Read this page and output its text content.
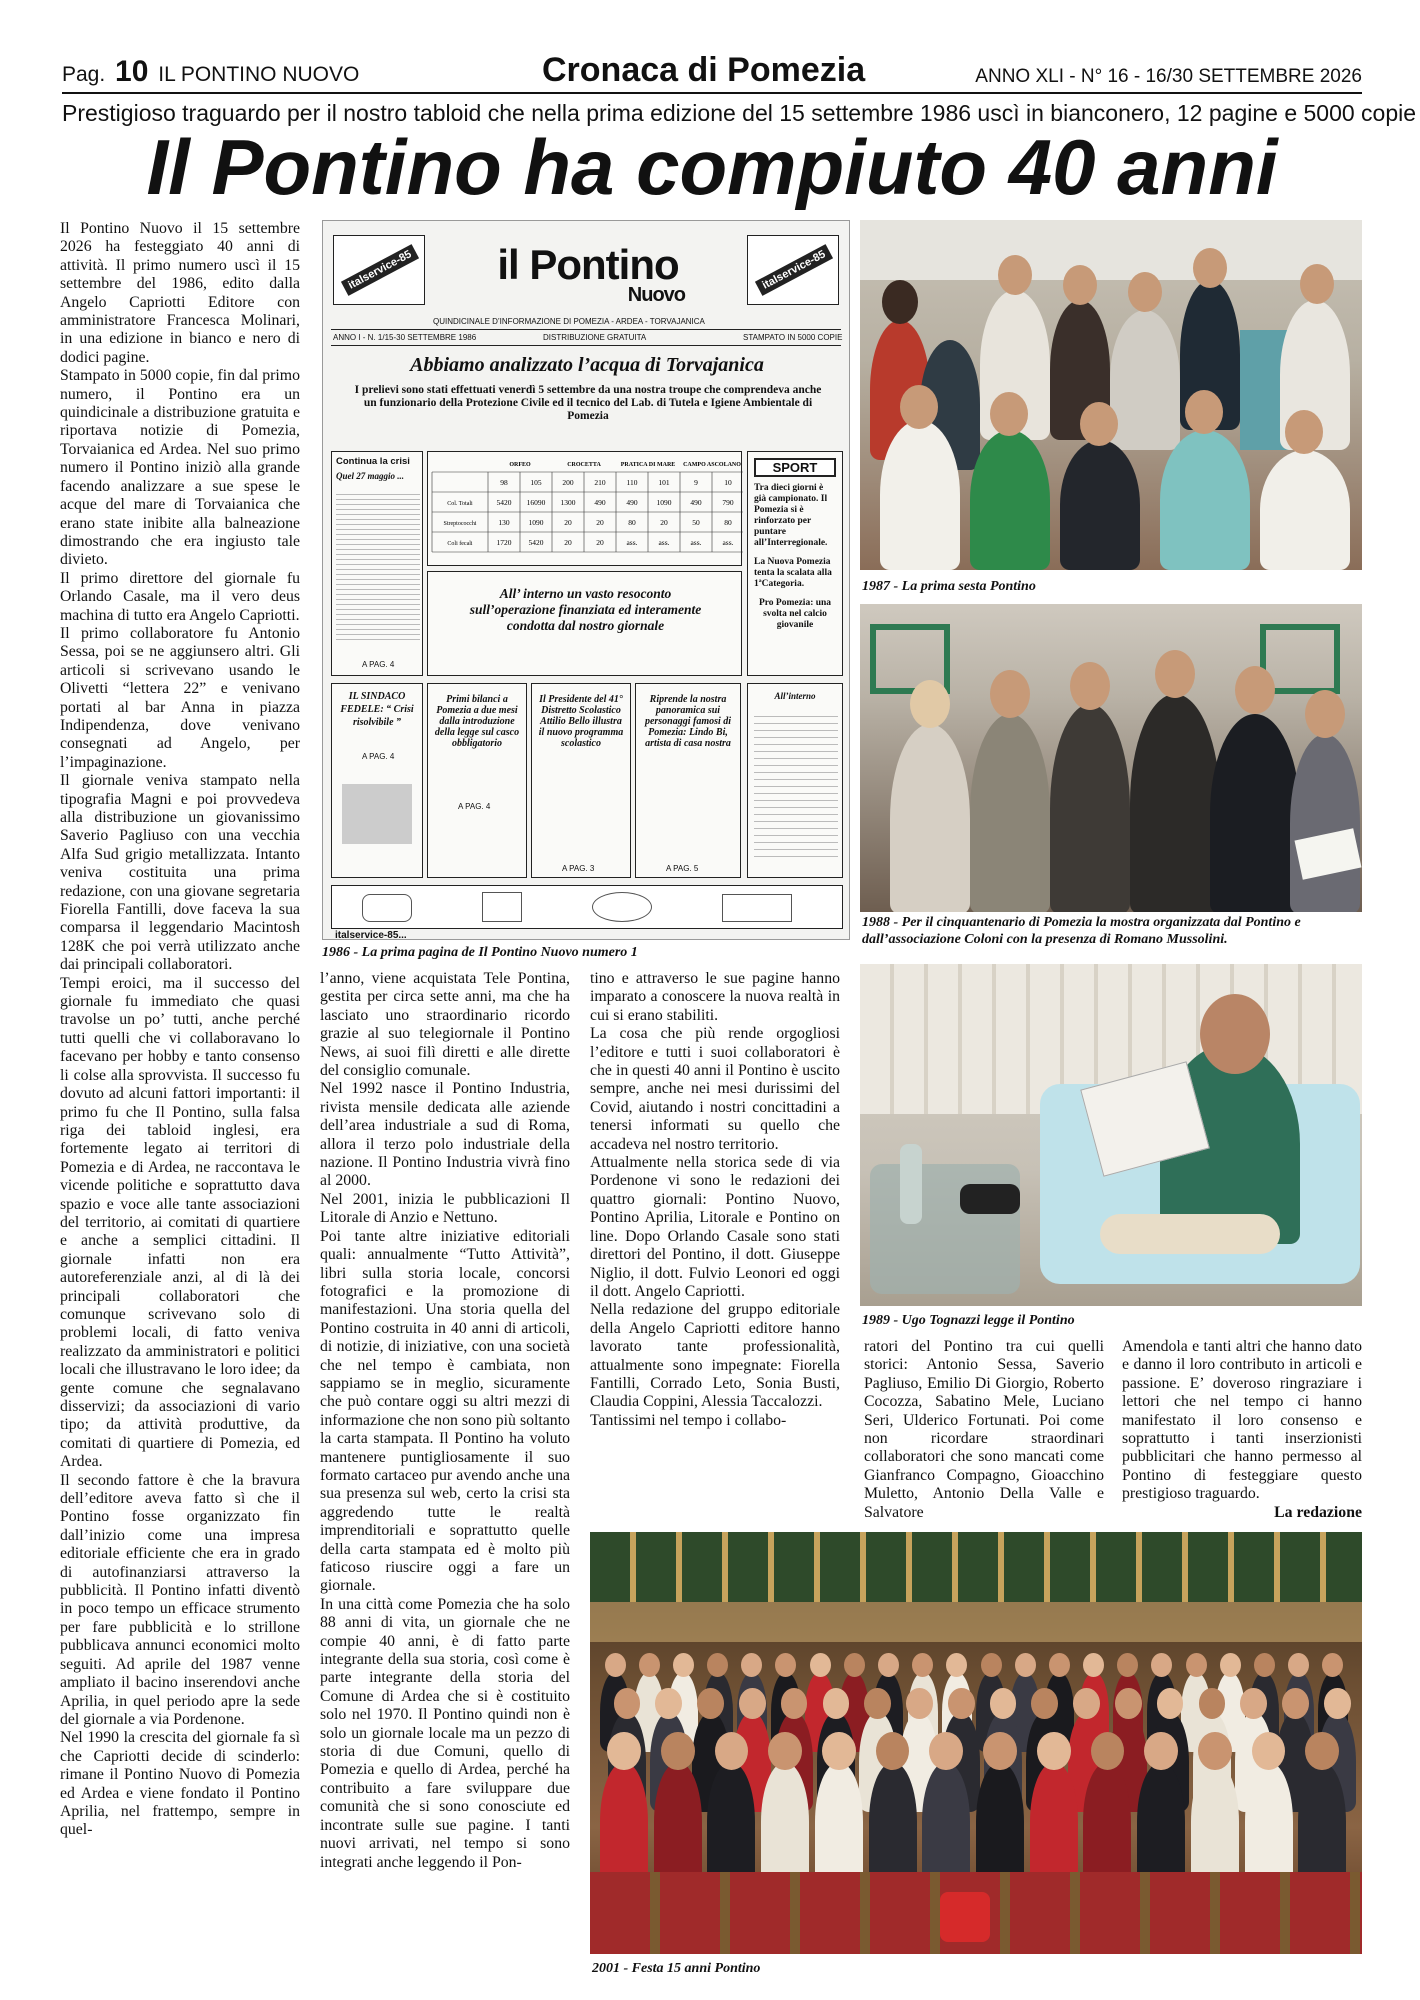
Pag. 10 IL PONTINO NUOVO	Cronaca di Pomezia	ANNO XLI - N° 16 - 16/30 SETTEMBRE 2026
Prestigioso traguardo per il nostro tabloid che nella prima edizione del 15 settembre 1986 uscì in bianconero, 12 pagine e 5000 copie
Il Pontino ha compiuto 40 anni

Il Pontino Nuovo il 15 settembre 2026 ha festeggiato 40 anni di attività. Il primo numero uscì il 15 settembre del 1986, edito dalla Angelo Capriotti Editore con amministratore Francesca Molinari, in una edizione in bianco e nero di dodici pagine.

Stampato in 5000 copie, fin dal primo numero, il Pontino era un quindicinale a distribuzione gratuita e riportava notizie di Pomezia, Torvaianica ed Ardea. Nel suo primo numero il Pontino iniziò alla grande facendo analizzare a sue spese le acque del mare di Torvaianica che erano state inibite alla balneazione dimostrando che era ingiusto tale divieto.

Il primo direttore del giornale fu Orlando Casale, ma il vero deus machina di tutto era Angelo Capriotti.

Il primo collaboratore fu Antonio Sessa, poi se ne aggiunsero altri. Gli articoli si scrivevano usando le Olivetti “lettera 22” e venivano portati al bar Anna in piazza Indipendenza, dove venivano consegnati ad Angelo, per l’impaginazione.

Il giornale veniva stampato nella tipografia Magni e poi provvedeva alla distribuzione un giovanissimo Saverio Pagliuso con una vecchia Alfa Sud grigio metallizzata. Intanto veniva costituita una prima redazione, con una giovane segretaria Fiorella Fantilli, dove faceva la sua comparsa il leggendario Macintosh 128K che poi verrà utilizzato anche dai principali collaboratori.

Tempi eroici, ma il successo del giornale fu immediato che quasi travolse un po’ tutti, anche perché tutti quelli che vi collaboravano lo facevano per hobby e tanto consenso li colse alla sprovvista. Il successo fu dovuto ad alcuni fattori importanti: il primo fu che Il Pontino, sulla falsa riga dei tabloid inglesi, era fortemente legato ai territori di Pomezia e di Ardea, ne raccontava le vicende politiche e soprattutto dava spazio e voce alle tante associazioni del territorio, ai comitati di quartiere e anche a semplici cittadini. Il giornale infatti non era autoreferenziale anzi, al di là dei principali collaboratori che comunque scrivevano solo di problemi locali, di fatto veniva realizzato da amministratori e politici locali che illustravano le loro idee; da gente comune che segnalavano disservizi; da associazioni di vario tipo; da attività produttive, da comitati di quartiere di Pomezia, ed Ardea.

Il secondo fattore è che la bravura dell’editore aveva fatto sì che il Pontino fosse organizzato fin dall’inizio come una impresa editoriale efficiente che era in grado di autofinanziarsi attraverso la pubblicità. Il Pontino infatti diventò in poco tempo un efficace strumento per fare pubblicità e lo strillone pubblicava annunci economici molto seguiti. Ad aprile del 1987 venne ampliato il bacino inserendovi anche Aprilia, in quel periodo apre la sede del giornale a via Pordenone.

Nel 1990 la crescita del giornale fa sì che Capriotti decide di scinderlo: rimane il Pontino Nuovo di Pomezia ed Ardea e viene fondato il Pontino Aprilia, nel frattempo, sempre in quel-

italservice-85	italservice-85
il Pontino
Nuovo
QUINDICINALE D’INFORMAZIONE DI POMEZIA - ARDEA - TORVAJANICA
ANNO I - N. 1/15-30 SETTEMBRE 1986	DISTRIBUZIONE GRATUITA	STAMPATO IN 5000 COPIE
Abbiamo analizzato l’acqua di Torvajanica
I prelievi sono stati effettuati venerdì 5 settembre da una nostra troupe che comprendeva anche un funzionario della Protezione Civile ed il tecnico del Lab. di Tutela e Igiene Ambientale di Pomezia
Continua la crisi
Quel 27 maggio ...
A PAG. 4
ORFEO	CROCETTA	PRATICA DI MARE CAMPO ASCOLANO
98	105	200	210	110	101	9	10
Col. Totali	5420 16090 1300	490	490	1090	490	790
Streptococchi	130	1090	20	20	80	20	50	80
Coli fecali	1720 5420	20	20	ass.	ass.	ass.	ass.
All’ interno un vasto resoconto sull’operazione finanziata ed interamente condotta dal nostro giornale
SPORT
Tra dieci giorni è già campionato. Il Pomezia si è rinforzato per puntare all’Interregionale.
La Nuova Pomezia tenta la scalata alla 1ªCategoria.
Pro Pomezia: una svolta nel calcio giovanile
IL SINDACO FEDELE: “ Crisi risolvibile ”
A PAG. 4
Primi bilanci a Pomezia a due mesi dalla introduzione della legge sul casco obbligatorio
A PAG. 4
Il Presidente del 41° Distretto Scolastico Attilio Bello illustra il nuovo programma scolastico
A PAG. 3
Riprende la nostra panoramica sui personaggi famosi di Pomezia: Lindo Bi, artista di casa nostra
A PAG. 5
All’interno
italservice-85...
1986 - La prima pagina de Il Pontino Nuovo numero 1

l’anno, viene acquistata Tele Pontina, gestita per circa sette anni, ma che ha lasciato uno straordinario ricordo grazie al suo telegiornale il Pontino News, ai suoi filì diretti e alle dirette del consiglio comunale.

Nel 1992 nasce il Pontino Industria, rivista mensile dedicata alle aziende dell’area industriale a sud di Roma, allora il terzo polo industriale della nazione. Il Pontino Industria vivrà fino al 2000.

Nel 2001, inizia le pubblicazioni Il Litorale di Anzio e Nettuno.

Poi tante altre iniziative editoriali quali: annualmente “Tutto Attività”, libri sulla storia locale, concorsi fotografici e la promozione di manifestazioni. Una storia quella del Pontino costruita in 40 anni di articoli, di notizie, di iniziative, con una società che nel tempo è cambiata, non sappiamo se in meglio, sicuramente che può contare oggi su altri mezzi di informazione che non sono più soltanto la carta stampata. Il Pontino ha voluto mantenere puntigliosamente il suo formato cartaceo pur avendo anche una sua presenza sul web, certo la crisi sta aggredendo tutte le realtà imprenditoriali e soprattutto quelle della carta stampata ed è molto più faticoso riuscire oggi a fare un giornale.

In una città come Pomezia che ha solo 88 anni di vita, un giornale che ne compie 40 anni, è di fatto parte integrante della sua storia, così come è parte integrante della storia del Comune di Ardea che si è costituito solo nel 1970. Il Pontino quindi non è solo un giornale locale ma un pezzo di storia di due Comuni, quello di Pomezia e quello di Ardea, perché ha contribuito a fare sviluppare due comunità che si sono conosciute ed incontrate sulle sue pagine. I tanti nuovi arrivati, nel tempo si sono integrati anche leggendo il Pon-

tino e attraverso le sue pagine hanno imparato a conoscere la nuova realtà in cui si erano stabiliti.

La cosa che più rende orgogliosi l’editore e tutti i suoi collaboratori è che in questi 40 anni il Pontino è uscito sempre, anche nei mesi durissimi del Covid, aiutando i nostri concittadini a tenersi informati su quello che accadeva nel nostro territorio.

Attualmente nella storica sede di via Pordenone vi sono le redazioni dei quattro giornali: Pontino Nuovo, Pontino Aprilia, Litorale e Pontino on line. Dopo Orlando Casale sono stati direttori del Pontino, il dott. Giuseppe Niglio, il dott. Fulvio Leonori ed oggi il dott. Angelo Capriotti.

Nella redazione del gruppo editoriale della Angelo Capriotti editore hanno lavorato tante professionalità, attualmente sono impegnate: Fiorella Fantilli, Corrado Leto, Sonia Busti, Claudia Coppini, Alessia Taccalozzi.

Tantissimi nel tempo i collabo-

1987 - La prima sesta Pontino
1988 - Per il cinquantenario di Pomezia la mostra organizzata dal Pontino e dall’associazione Coloni con la presenza di Romano Mussolini.
1989 - Ugo Tognazzi legge il Pontino

ratori del Pontino tra cui quelli storici: Antonio Sessa, Saverio Pagliuso, Emilio Di Giorgio, Roberto Cocozza, Sabatino Mele, Luciano Seri, Ulderico Fortunati. Poi come non ricordare straordinari collaboratori che sono mancati come Gianfranco Compagno, Gioacchino Muletto, Antonio Della Valle e Salvatore

Amendola e tanti altri che hanno dato e danno il loro contributo in articoli e passione. E’ doveroso ringraziare i lettori che nel tempo ci hanno manifestato il loro consenso e soprattutto i tanti inserzionisti pubblicitari che hanno permesso al Pontino di festeggiare questo prestigioso traguardo.

La redazione

2001 - Festa 15 anni Pontino
